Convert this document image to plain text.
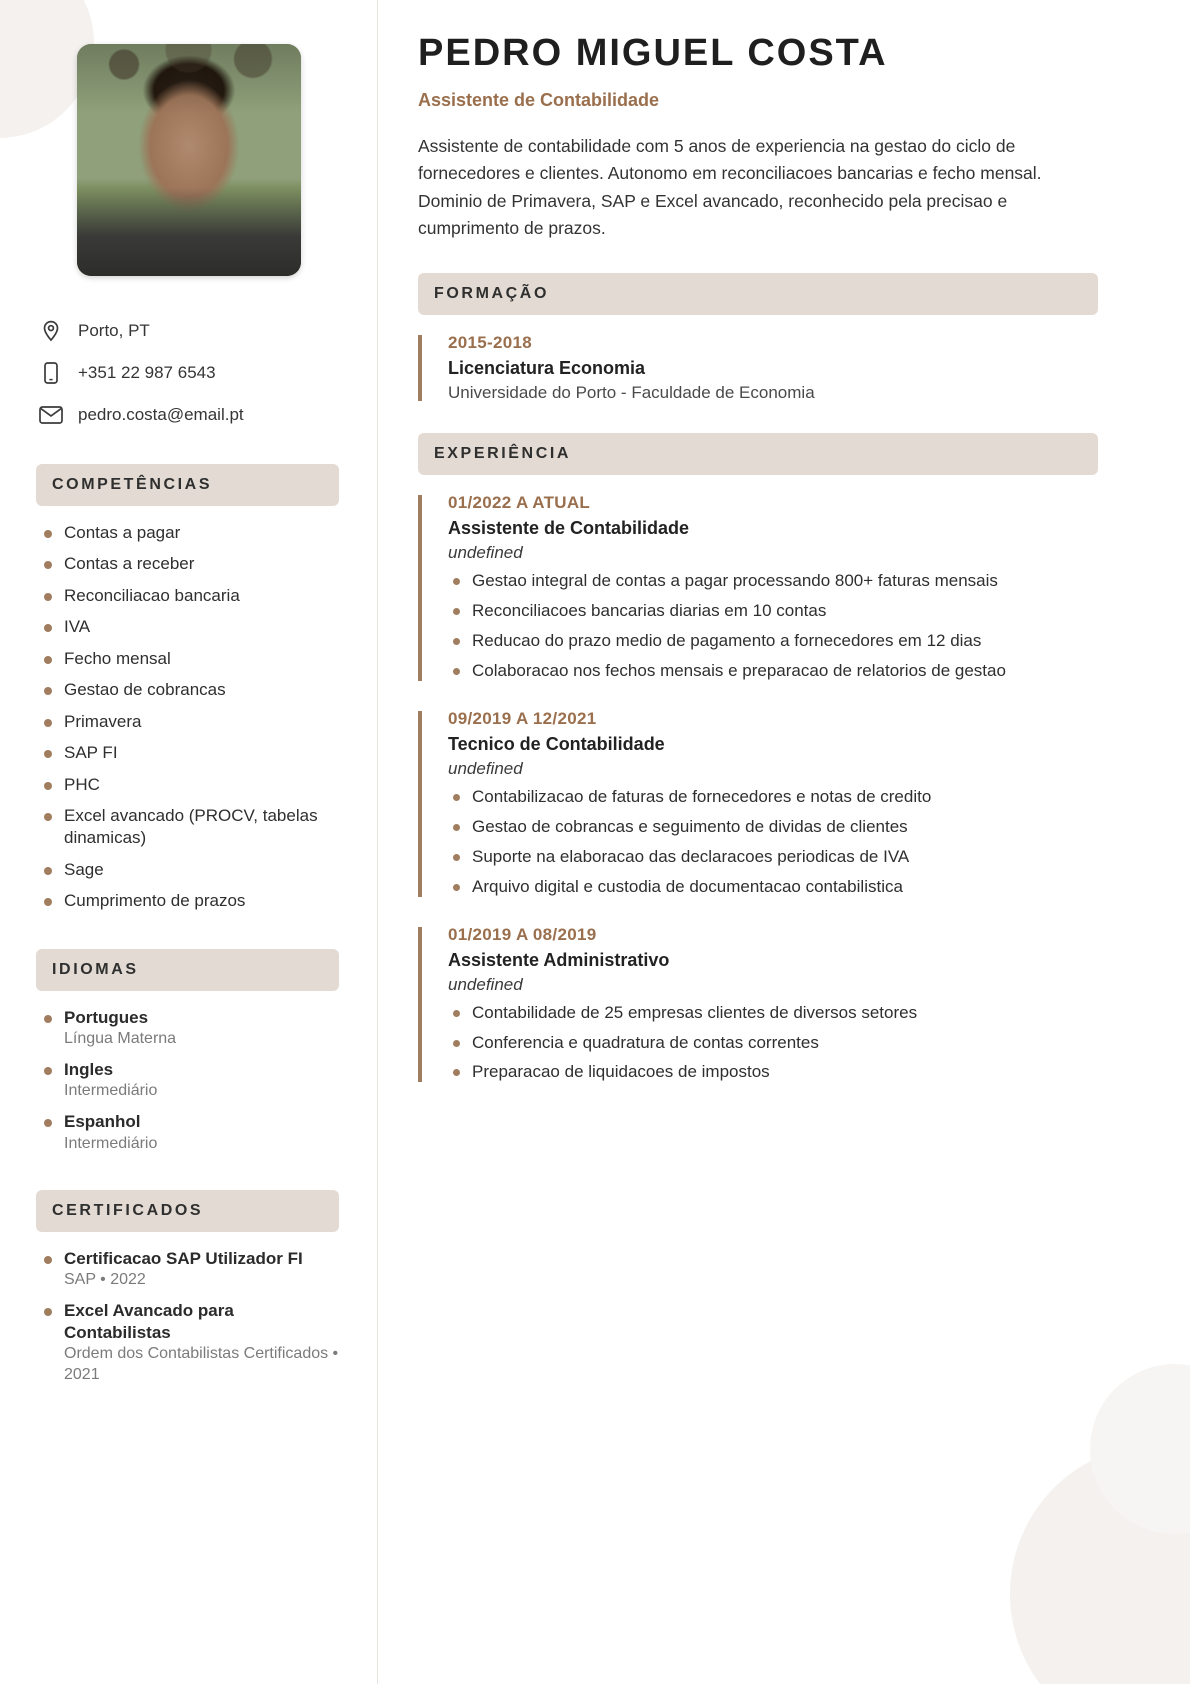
Porto, PT
+351 22 987 6543
pedro.costa@email.pt
COMPETÊNCIAS
Contas a pagar
Contas a receber
Reconciliacao bancaria
IVA
Fecho mensal
Gestao de cobrancas
Primavera
SAP FI
PHC
Excel avancado (PROCV, tabelas dinamicas)
Sage
Cumprimento de prazos
IDIOMAS
Portugues
Língua Materna
Ingles
Intermediário
Espanhol
Intermediário
CERTIFICADOS
Certificacao SAP Utilizador FI
SAP • 2022
Excel Avancado para Contabilistas
Ordem dos Contabilistas Certificados • 2021
PEDRO MIGUEL COSTA
Assistente de Contabilidade

Assistente de contabilidade com 5 anos de experiencia na gestao do ciclo de fornecedores e clientes. Autonomo em reconciliacoes bancarias e fecho mensal. Dominio de Primavera, SAP e Excel avancado, reconhecido pela precisao e cumprimento de prazos.

FORMAÇÃO
2015-2018
Licenciatura Economia
Universidade do Porto - Faculdade de Economia
EXPERIÊNCIA
01/2022 A ATUAL
Assistente de Contabilidade
undefined
Gestao integral de contas a pagar processando 800+ faturas mensais
Reconciliacoes bancarias diarias em 10 contas
Reducao do prazo medio de pagamento a fornecedores em 12 dias
Colaboracao nos fechos mensais e preparacao de relatorios de gestao
09/2019 A 12/2021
Tecnico de Contabilidade
undefined
Contabilizacao de faturas de fornecedores e notas de credito
Gestao de cobrancas e seguimento de dividas de clientes
Suporte na elaboracao das declaracoes periodicas de IVA
Arquivo digital e custodia de documentacao contabilistica
01/2019 A 08/2019
Assistente Administrativo
undefined
Contabilidade de 25 empresas clientes de diversos setores
Conferencia e quadratura de contas correntes
Preparacao de liquidacoes de impostos
